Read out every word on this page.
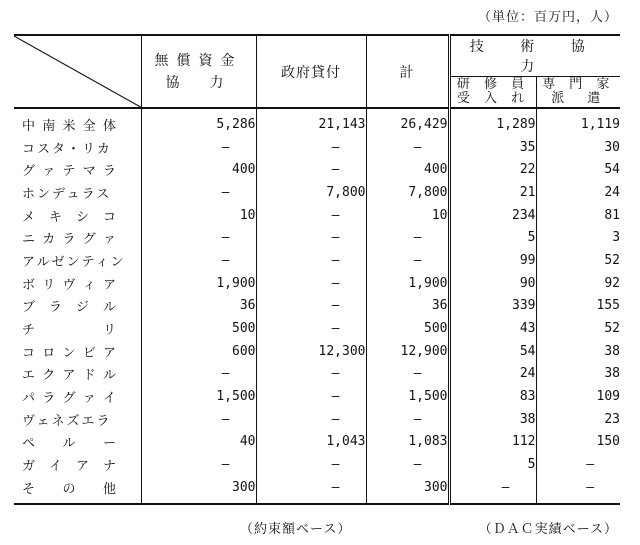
（単位：百万円，人）

無償資金
協　力	政府貸付	計	技 術 協 力	

				研 修 員
受 入 れ	専 門 家
派　遣

中 南 米 全 体	5,286	21,143	26,429	1,289	1,119
コスタ・リカ	—	—	—	35	30

グ ァ テ マ ラ	400	—	400	22	54
ホンデュラス	—	7,800	7,800	21	24

メ キ シ コ	10	—	10	234	81

ニ カ ラ グ ァ	—	—	—	5	3
アルゼンティン	—	—	—	99	52

ボ リ ヴ ィ ア	1,900	—	1,900	90	92

ブ ラ ジ ル	36	—	36	339	155

チ リ	500	—	500	43	52

コ ロ ン ビ ア	600	12,300	12,900	54	38

エ ク ア ド ル	—	—	—	24	38

パ ラ グ ァ イ	1,500	—	1,500	83	109
ヴェネズエラ	—	—	—	38	23

ペ ル ー	40	1,043	1,083	112	150

ガ イ ア ナ	—	—	—	5	—

そ の 他	300	—	300	—	—
（約束額ベース）	（ＤＡＣ実績ベース）
